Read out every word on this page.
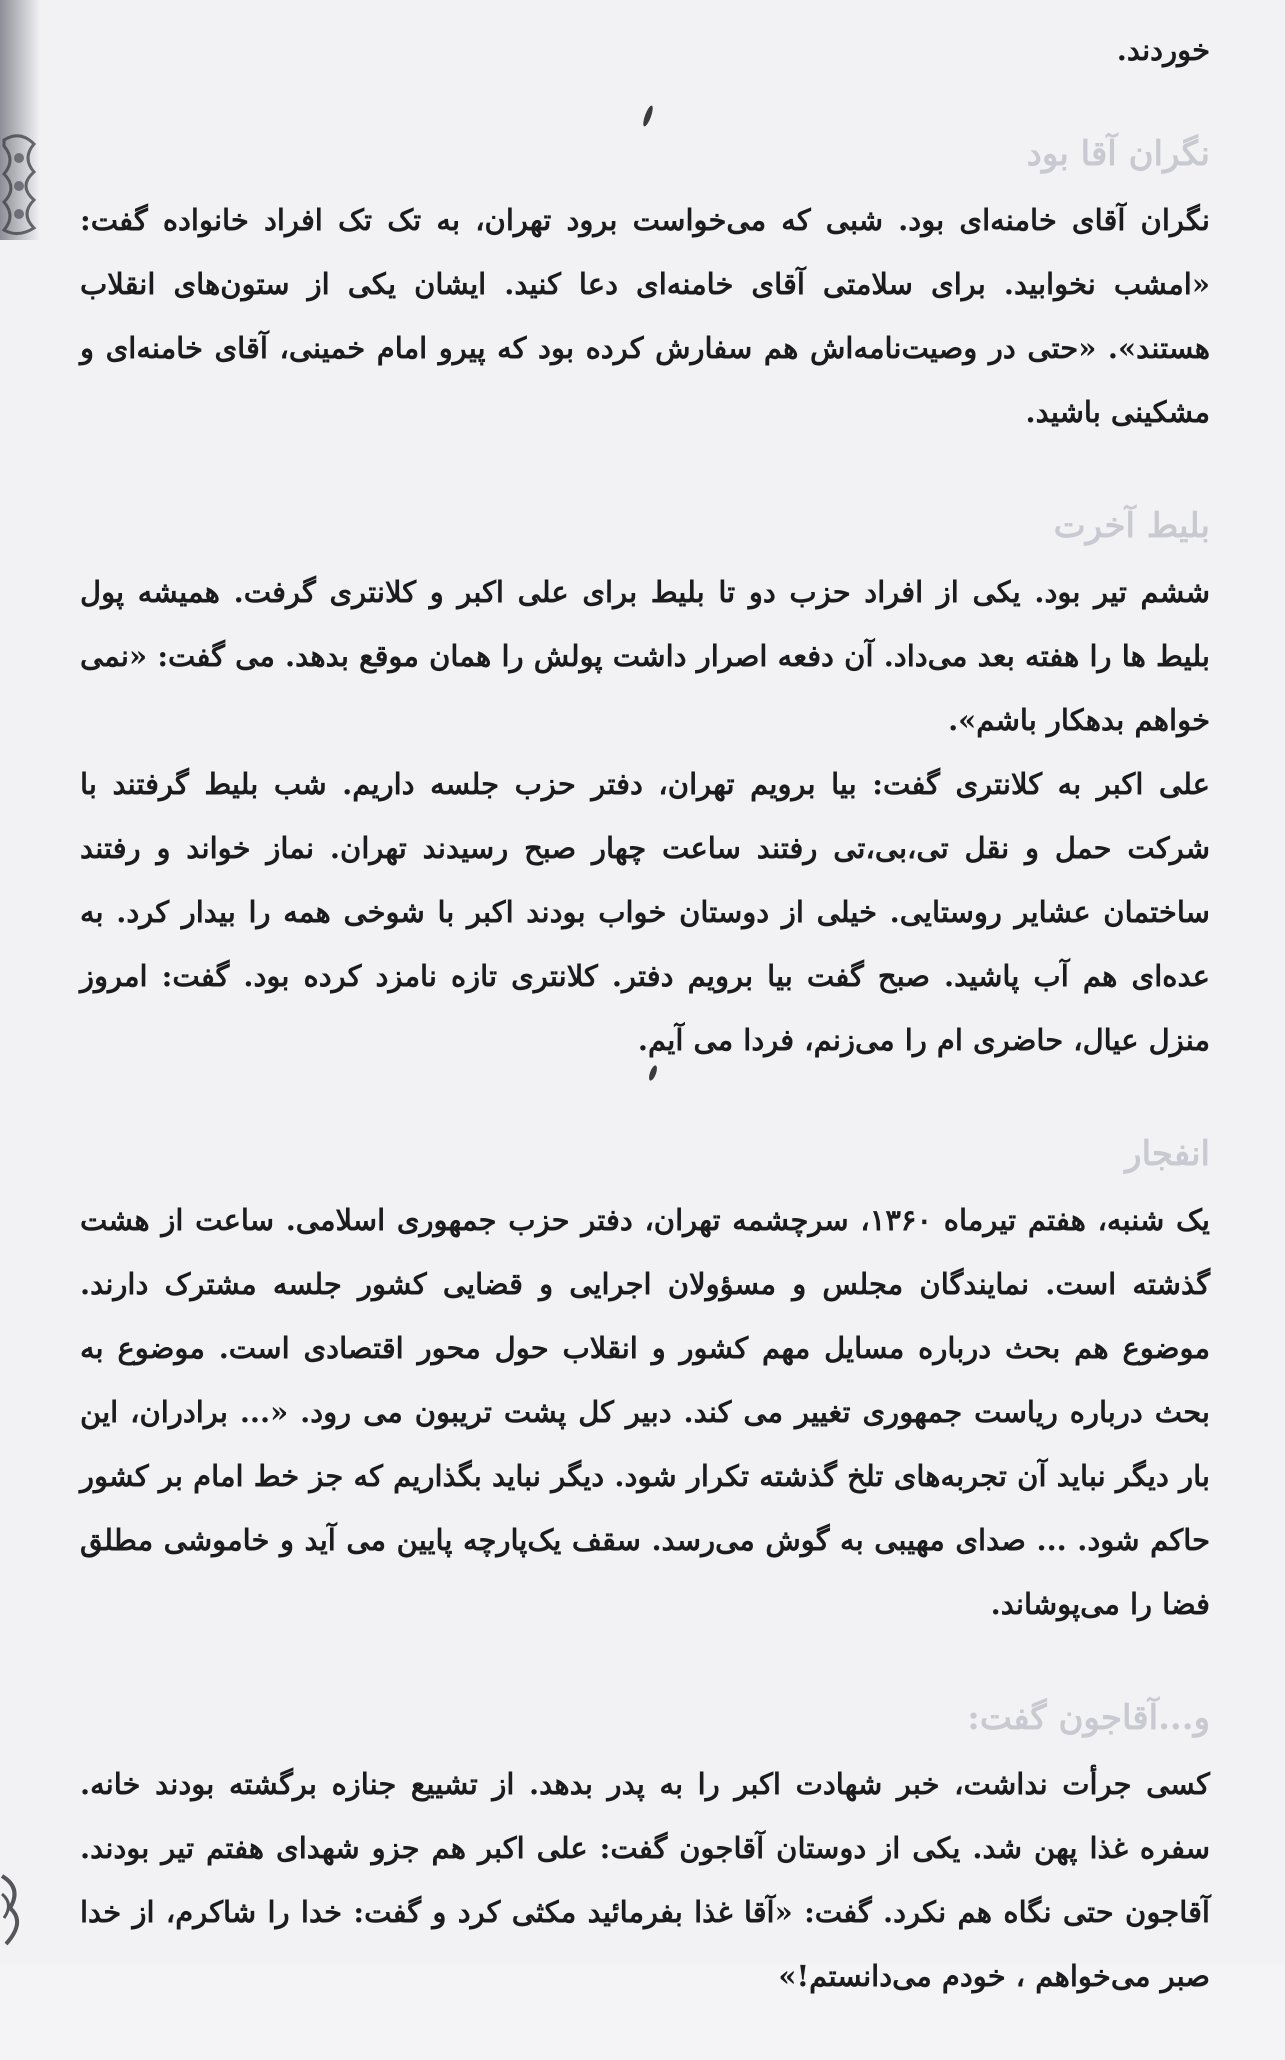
خوردند.

نگران آقا بود

نگران آقای خامنه‌ای بود. شبی که می‌خواست برود تهران، به تک تک افراد خانواده گفت: «امشب نخوابید. برای سلامتی آقای خامنه‌ای دعا کنید. ایشان یکی از ستون‌های انقلاب هستند». «حتی در وصیت‌نامه‌اش هم سفارش کرده بود که پیرو امام خمینی، آقای خامنه‌ای و مشکینی باشید.

بلیط آخرت

ششم تیر بود. یکی از افراد حزب دو تا بلیط برای علی اکبر و کلانتری گرفت. همیشه پول بلیط ها را هفته بعد می‌داد. آن دفعه اصرار داشت پولش را همان موقع بدهد. می گفت: «نمی خواهم بدهکار باشم».

علی اکبر به کلانتری گفت: بیا برویم تهران، دفتر حزب جلسه داریم. شب بلیط گرفتند با شرکت حمل و نقل تی،بی،تی رفتند ساعت چهار صبح رسیدند تهران. نماز خواند و رفتند ساختمان عشایر روستایی. خیلی از دوستان خواب بودند اکبر با شوخی همه را بیدار کرد. به عده‌ای هم آب پاشید. صبح گفت بیا برویم دفتر. کلانتری تازه نامزد کرده بود. گفت: امروز منزل عیال، حاضری ام را می‌زنم، فردا می آیم.

انفجار

یک شنبه، هفتم تیرماه ۱۳۶۰، سرچشمه تهران، دفتر حزب جمهوری اسلامی. ساعت از هشت گذشته است. نمایندگان مجلس و مسؤولان اجرایی و قضایی کشور جلسه مشترک دارند. موضوع هم بحث درباره مسایل مهم کشور و انقلاب حول محور اقتصادی است. موضوع به بحث درباره ریاست جمهوری تغییر می کند. دبیر کل پشت تریبون می رود. «... برادران، این بار دیگر نباید آن تجربه‌های تلخ گذشته تکرار شود. دیگر نباید بگذاریم که جز خط امام بر کشور حاکم شود. ... صدای مهیبی به گوش می‌رسد. سقف یک‌پارچه پایین می آید و خاموشی مطلق فضا را می‌پوشاند.

و...آقاجون گفت:

کسی جرأت نداشت، خبر شهادت اکبر را به پدر بدهد. از تشییع جنازه برگشته بودند خانه. سفره غذا پهن شد. یکی از دوستان آقاجون گفت: علی اکبر هم جزو شهدای هفتم تیر بودند. آقاجون حتی نگاه هم نکرد. گفت: «آقا غذا بفرمائید مکثی کرد و گفت: خدا را شاکرم، از خدا صبر می‌خواهم ، خودم می‌دانستم!»
